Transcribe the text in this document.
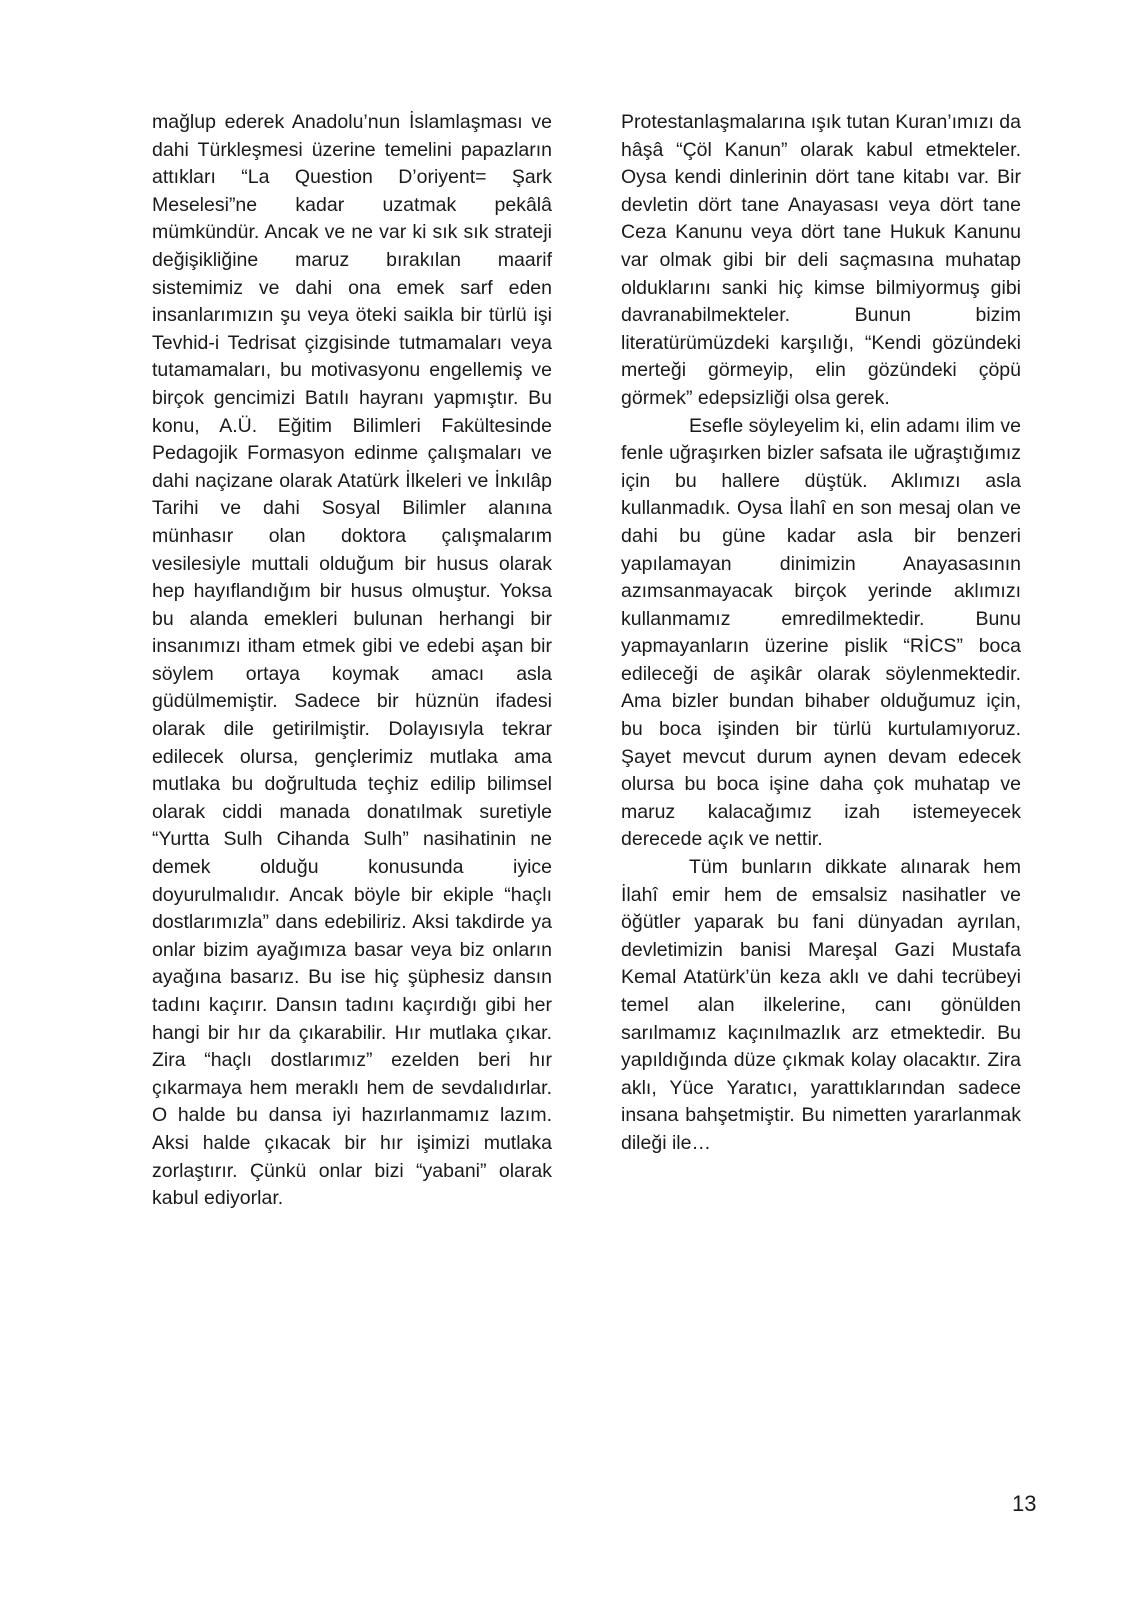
mağlup ederek Anadolu’nun İslamlaşması ve dahi Türkleşmesi üzerine temelini papazların attıkları “La Question D’oriyent= Şark Meselesi”ne kadar uzatmak pekâlâ mümkündür. Ancak ve ne var ki sık sık strateji değişikliğine maruz bırakılan maarif sistemimiz ve dahi ona emek sarf eden insanlarımızın şu veya öteki saikla bir türlü işi Tevhid-i Tedrisat çizgisinde tutmamaları veya tutamamaları, bu motivasyonu engellemiş ve birçok gencimizi Batılı hayranı yapmıştır. Bu konu, A.Ü. Eğitim Bilimleri Fakültesinde Pedagojik Formasyon edinme çalışmaları ve dahi naçizane olarak Atatürk İlkeleri ve İnkılâp Tarihi ve dahi Sosyal Bilimler alanına münhasır olan doktora çalışmalarım vesilesiyle muttali olduğum bir husus olarak hep hayıflandığım bir husus olmuştur. Yoksa bu alanda emekleri bulunan herhangi bir insanımızı itham etmek gibi ve edebi aşan bir söylem ortaya koymak amacı asla güdülmemiştir. Sadece bir hüznün ifadesi olarak dile getirilmiştir. Dolayısıyla tekrar edilecek olursa, gençlerimiz mutlaka ama mutlaka bu doğrultuda teçhiz edilip bilimsel olarak ciddi manada donatılmak suretiyle “Yurtta Sulh Cihanda Sulh” nasihatinin ne demek olduğu konusunda iyice doyurulmalıdır. Ancak böyle bir ekiple “haçlı dostlarımızla” dans edebiliriz. Aksi takdirde ya onlar bizim ayağımıza basar veya biz onların ayağına basarız. Bu ise hiç şüphesiz dansın tadını kaçırır. Dansın tadını kaçırdığı gibi her hangi bir hır da çıkarabilir. Hır mutlaka çıkar. Zira “haçlı dostlarımız” ezelden beri hır çıkarmaya hem meraklı hem de sevdalıdırlar. O halde bu dansa iyi hazırlanmamız lazım. Aksi halde çıkacak bir hır işimizi mutlaka zorlaştırır. Çünkü onlar bizi “yabani” olarak kabul ediyorlar.

Protestanlaşmalarına ışık tutan Kuran’ımızı da hâşâ “Çöl Kanun” olarak kabul etmekteler. Oysa kendi dinlerinin dört tane kitabı var. Bir devletin dört tane Anayasası veya dört tane Ceza Kanunu veya dört tane Hukuk Kanunu var olmak gibi bir deli saçmasına muhatap olduklarını sanki hiç kimse bilmiyormuş gibi davranabilmekteler. Bunun bizim literatürümüzdeki karşılığı, “Kendi gözündeki merteği görmeyip, elin gözündeki çöpü görmek” edepsizliği olsa gerek.

Esefle söyleyelim ki, elin adamı ilim ve fenle uğraşırken bizler safsata ile uğraştığımız için bu hallere düştük. Aklımızı asla kullanmadık. Oysa İlahî en son mesaj olan ve dahi bu güne kadar asla bir benzeri yapılamayan dinimizin Anayasasının azımsanmayacak birçok yerinde aklımızı kullanmamız emredilmektedir. Bunu yapmayanların üzerine pislik “RİCS” boca edileceği de aşikâr olarak söylenmektedir. Ama bizler bundan bihaber olduğumuz için, bu boca işinden bir türlü kurtulamıyoruz. Şayet mevcut durum aynen devam edecek olursa bu boca işine daha çok muhatap ve maruz kalacağımız izah istemeyecek derecede açık ve nettir.

Tüm bunların dikkate alınarak hem İlahî emir hem de emsalsiz nasihatler ve öğütler yaparak bu fani dünyadan ayrılan, devletimizin banisi Mareşal Gazi Mustafa Kemal Atatürk’ün keza aklı ve dahi tecrübeyi temel alan ilkelerine, canı gönülden sarılmamız kaçınılmazlık arz etmektedir. Bu yapıldığında düze çıkmak kolay olacaktır. Zira aklı, Yüce Yaratıcı, yarattıklarından sadece insana bahşetmiştir. Bu nimetten yararlanmak dileği ile…

13
